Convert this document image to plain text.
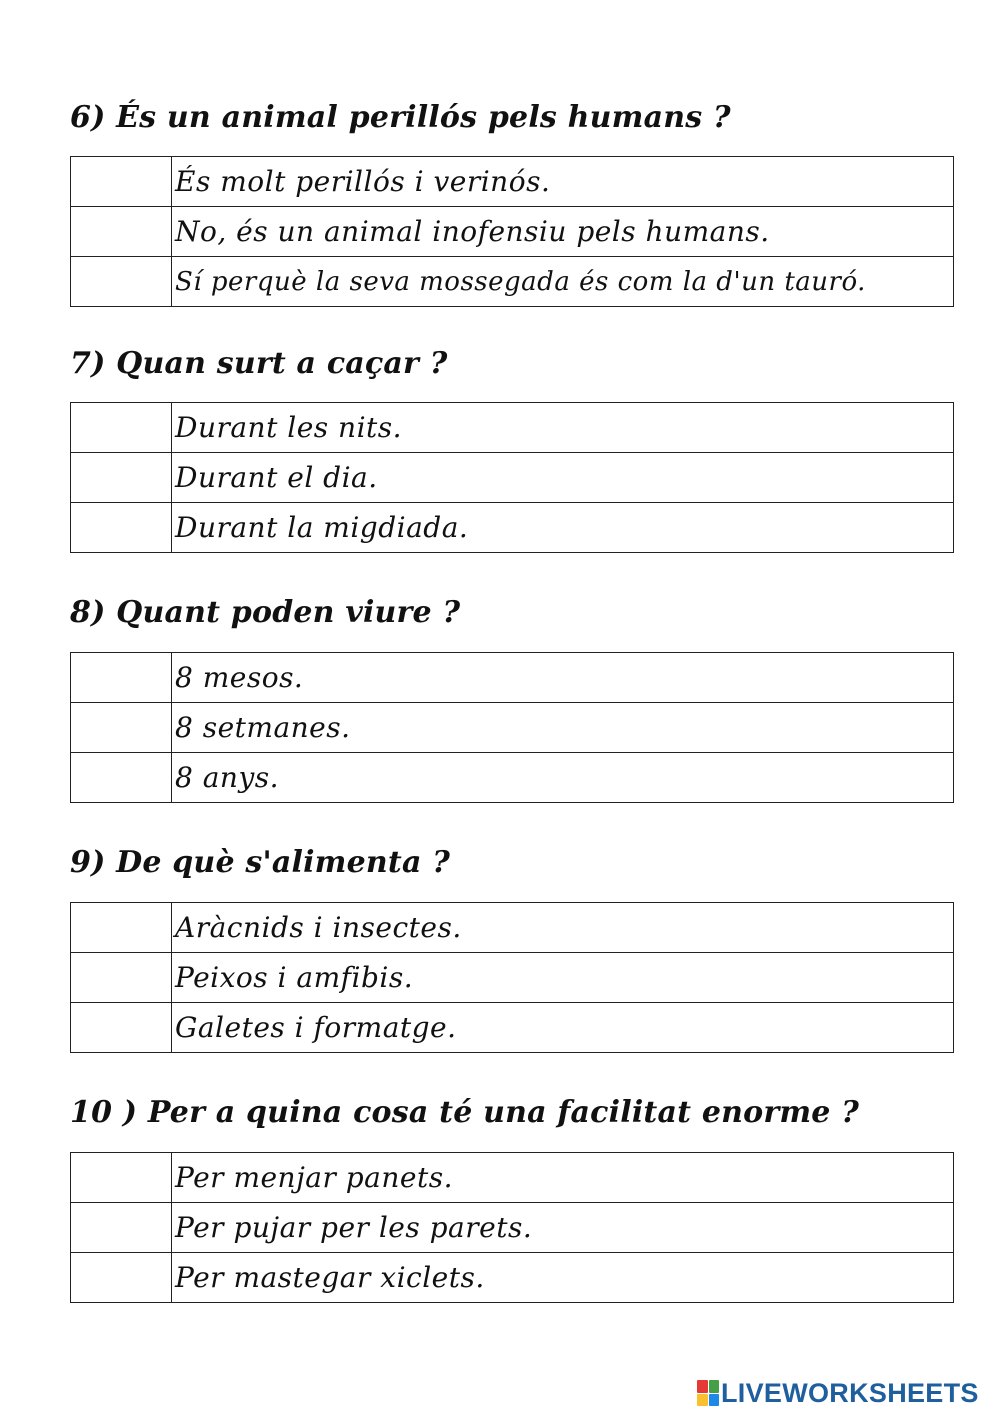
6) És un animal perillós pels humans ?
	És molt perillós i verinós.
	No, és un animal inofensiu pels humans.
	Sí perquè la seva mossegada és com la d'un tauró.
7) Quan surt a caçar ?
	Durant les nits.
	Durant el dia.
	Durant la migdiada.
8) Quant poden viure ?
	8 mesos.
	8 setmanes.
	8 anys.
9) De què s'alimenta ?
	Aràcnids i insectes.
	Peixos i amfibis.
	Galetes i formatge.
10 ) Per a quina cosa té una facilitat enorme ?
	Per menjar panets.
	Per pujar per les parets.
	Per mastegar xiclets.
LIVEWORKSHEETS
